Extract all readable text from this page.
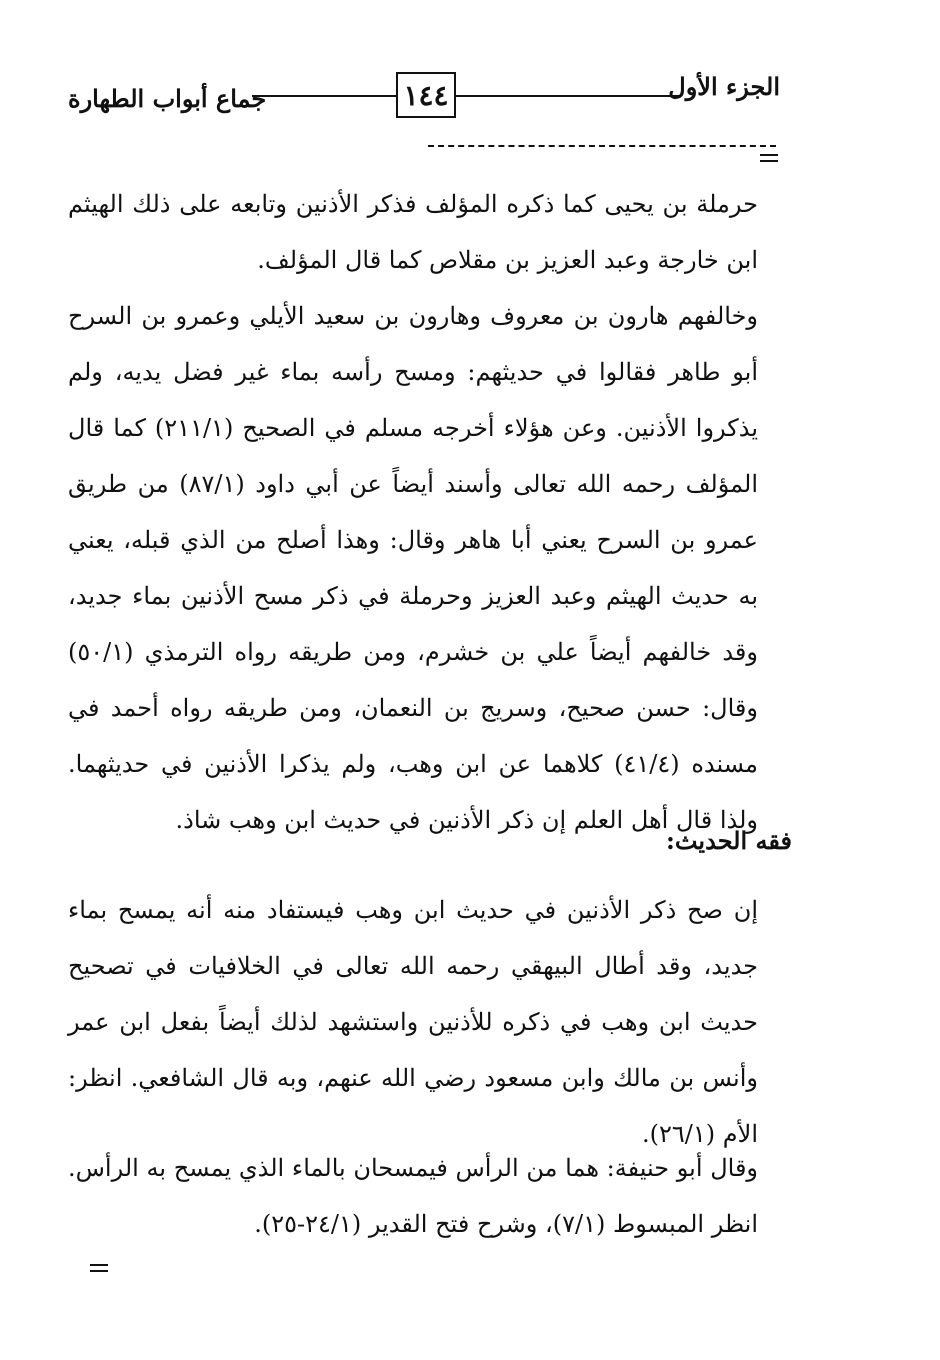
الجزء الأول
١٤٤
جماع أبواب الطهارة

حرملة بن يحيى كما ذكره المؤلف فذكر الأذنين وتابعه على ذلك الهيثم ابن خارجة وعبد العزيز بن مقلاص كما قال المؤلف.

وخالفهم هارون بن معروف وهارون بن سعيد الأيلي وعمرو بن السرح أبو طاهر فقالوا في حديثهم: ومسح رأسه بماء غير فضل يديه، ولم يذكروا الأذنين. وعن هؤلاء أخرجه مسلم في الصحيح (٢١١/١) كما قال المؤلف رحمه الله تعالى وأسند أيضاً عن أبي داود (٨٧/١) من طريق عمرو بن السرح يعني أبا هاهر وقال: وهذا أصلح من الذي قبله، يعني به حديث الهيثم وعبد العزيز وحرملة في ذكر مسح الأذنين بماء جديد، وقد خالفهم أيضاً علي بن خشرم، ومن طريقه رواه الترمذي (٥٠/١) وقال: حسن صحيح، وسريج بن النعمان، ومن طريقه رواه أحمد في مسنده (٤١/٤) كلاهما عن ابن وهب، ولم يذكرا الأذنين في حديثهما. ولذا قال أهل العلم إن ذكر الأذنين في حديث ابن وهب شاذ.

فقه الحديث:

إن صح ذكر الأذنين في حديث ابن وهب فيستفاد منه أنه يمسح بماء جديد، وقد أطال البيهقي رحمه الله تعالى في الخلافيات في تصحيح حديث ابن وهب في ذكره للأذنين واستشهد لذلك أيضاً بفعل ابن عمر وأنس بن مالك وابن مسعود رضي الله عنهم، وبه قال الشافعي. انظر: الأم (٢٦/١).

وقال أبو حنيفة: هما من الرأس فيمسحان بالماء الذي يمسح به الرأس. انظر المبسوط (٧/١)، وشرح فتح القدير (٢٤/١-٢٥).
